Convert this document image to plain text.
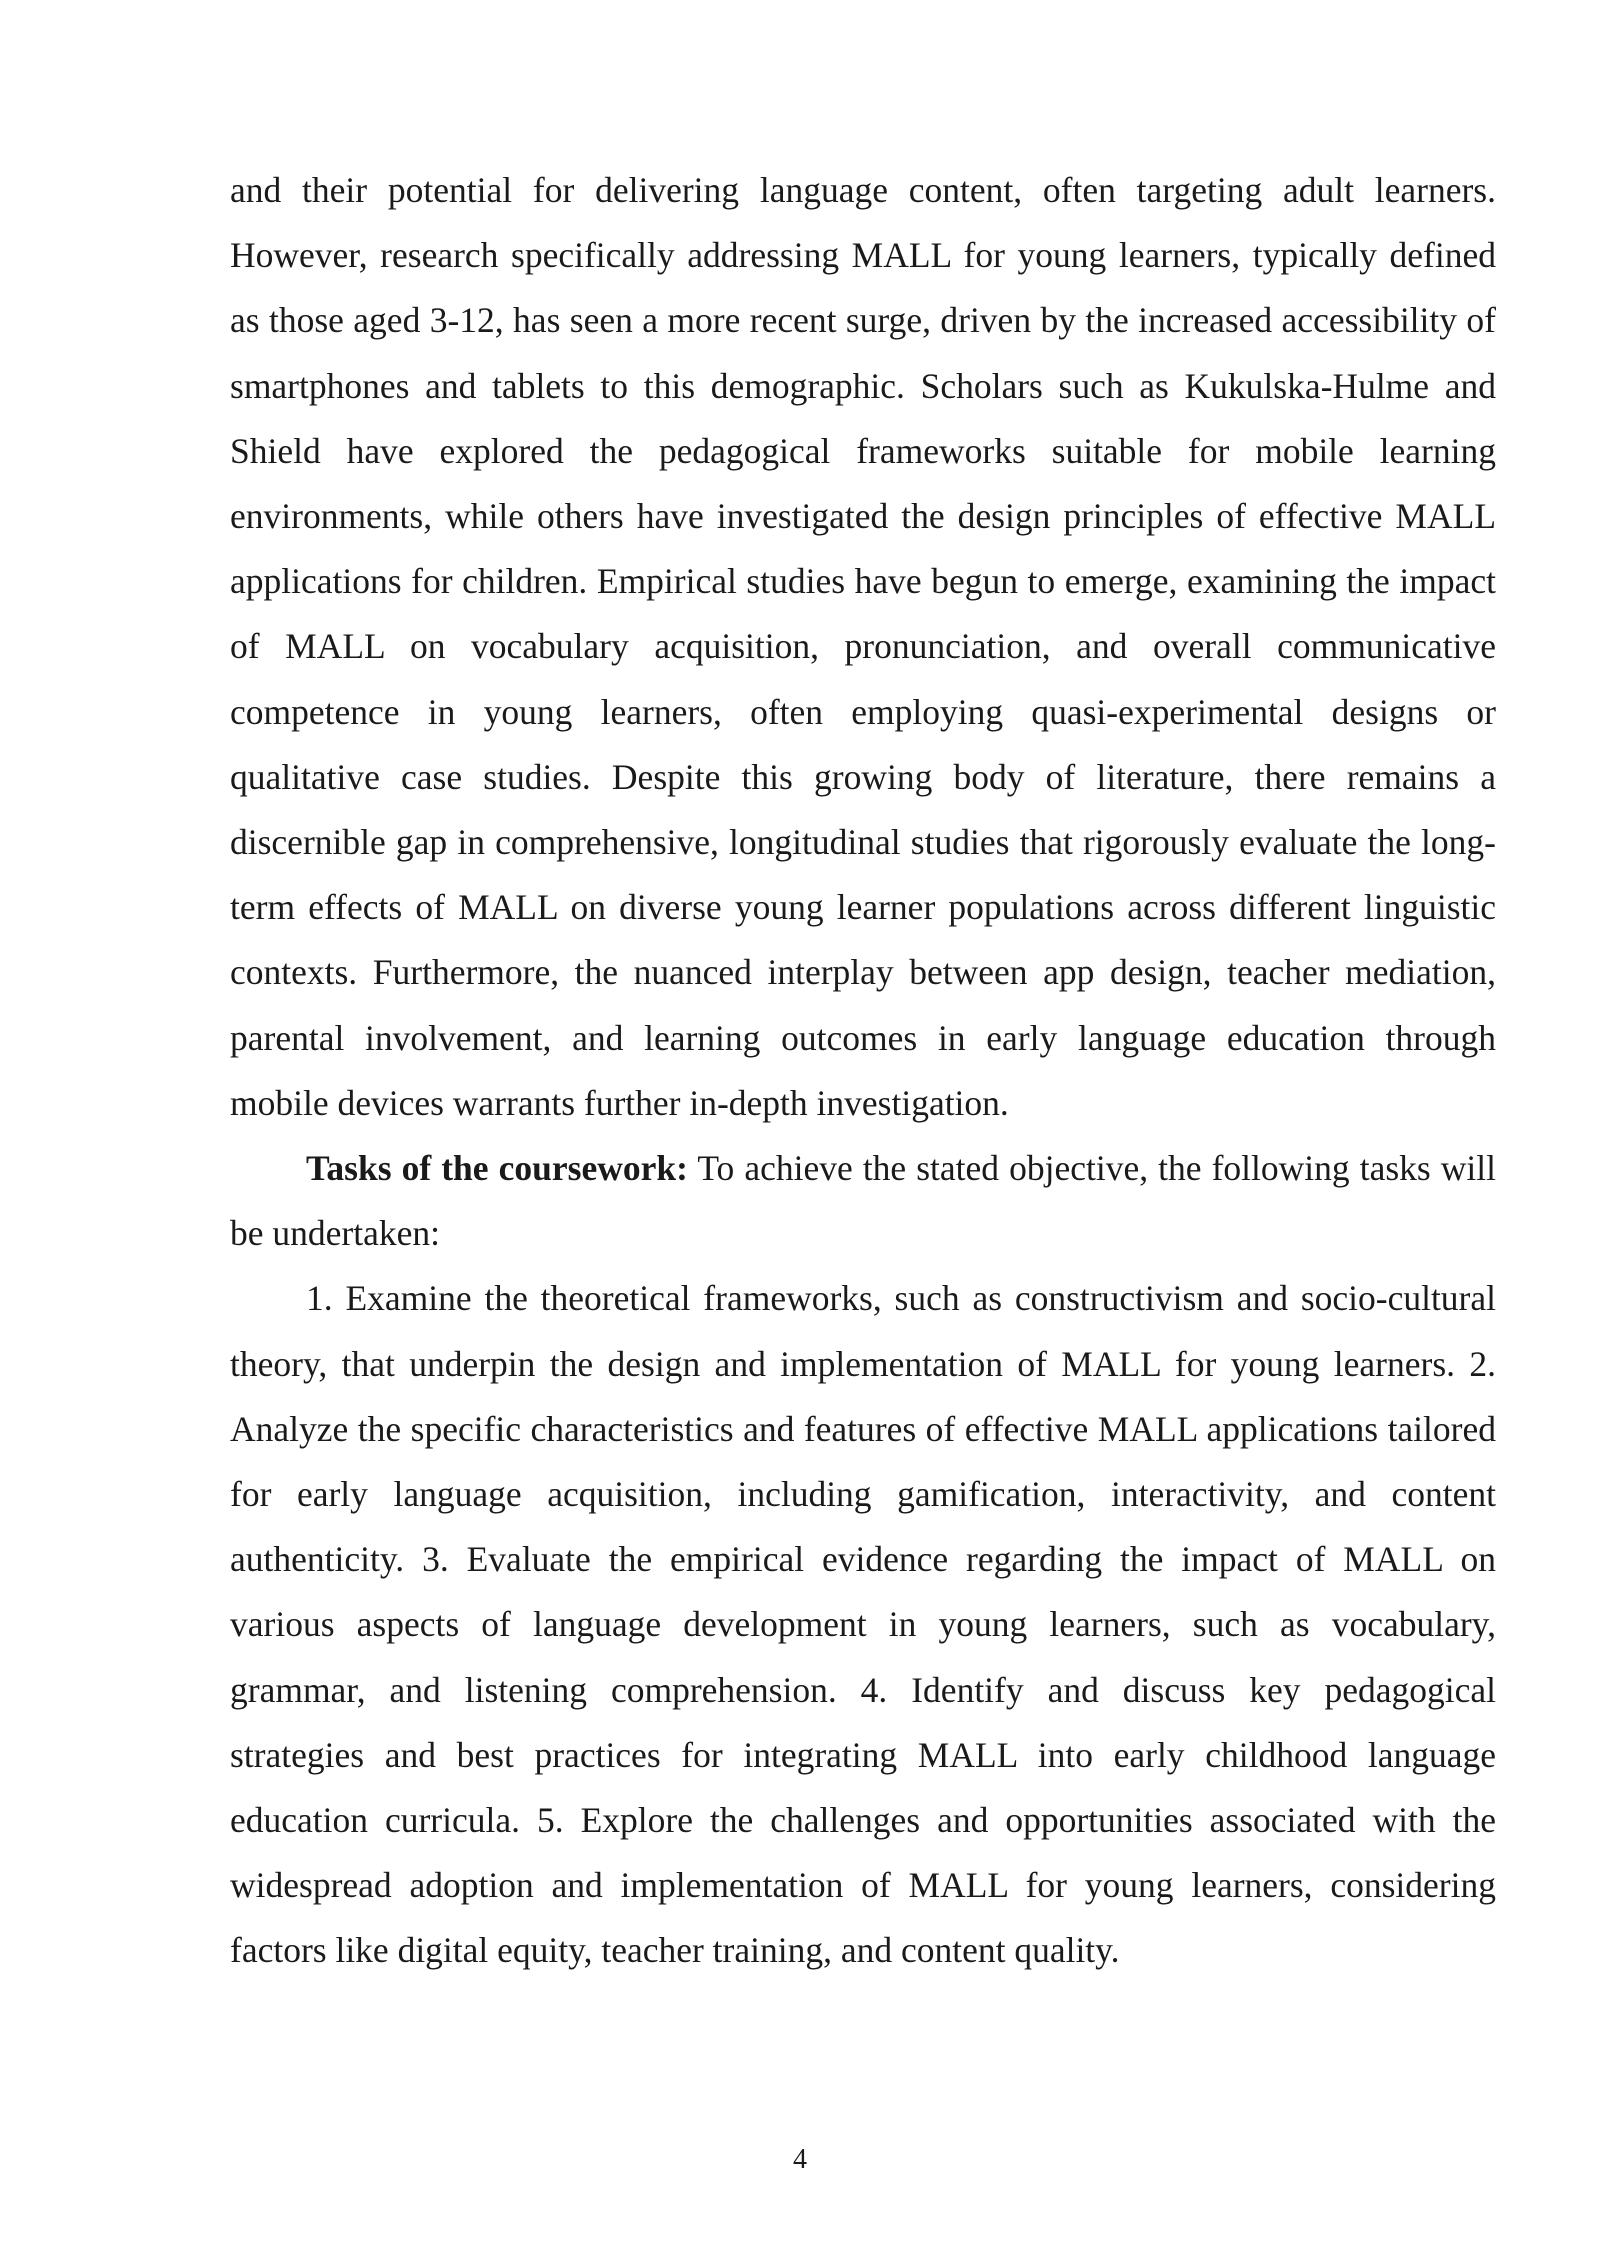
and their potential for delivering language content, often targeting adult learners. However, research specifically addressing MALL for young learners, typically defined as those aged 3-12, has seen a more recent surge, driven by the increased accessibility of smartphones and tablets to this demographic. Scholars such as Kukulska-Hulme and Shield have explored the pedagogical frameworks suitable for mobile learning environments, while others have investigated the design principles of effective MALL applications for children. Empirical studies have begun to emerge, examining the impact of MALL on vocabulary acquisition, pronunciation, and overall communicative competence in young learners, often employing quasi-experimental designs or qualitative case studies. Despite this growing body of literature, there remains a discernible gap in comprehensive, longitudinal studies that rigorously evaluate the long-term effects of MALL on diverse young learner populations across different linguistic contexts. Furthermore, the nuanced interplay between app design, teacher mediation, parental involvement, and learning outcomes in early language education through mobile devices warrants further in-depth investigation.

Tasks of the coursework: To achieve the stated objective, the following tasks will be undertaken:

1. Examine the theoretical frameworks, such as constructivism and socio-cultural theory, that underpin the design and implementation of MALL for young learners. 2. Analyze the specific characteristics and features of effective MALL applications tailored for early language acquisition, including gamification, interactivity, and content authenticity. 3. Evaluate the empirical evidence regarding the impact of MALL on various aspects of language development in young learners, such as vocabulary, grammar, and listening comprehension. 4. Identify and discuss key pedagogical strategies and best practices for integrating MALL into early childhood language education curricula. 5. Explore the challenges and opportunities associated with the widespread adoption and implementation of MALL for young learners, considering factors like digital equity, teacher training, and content quality.

4
